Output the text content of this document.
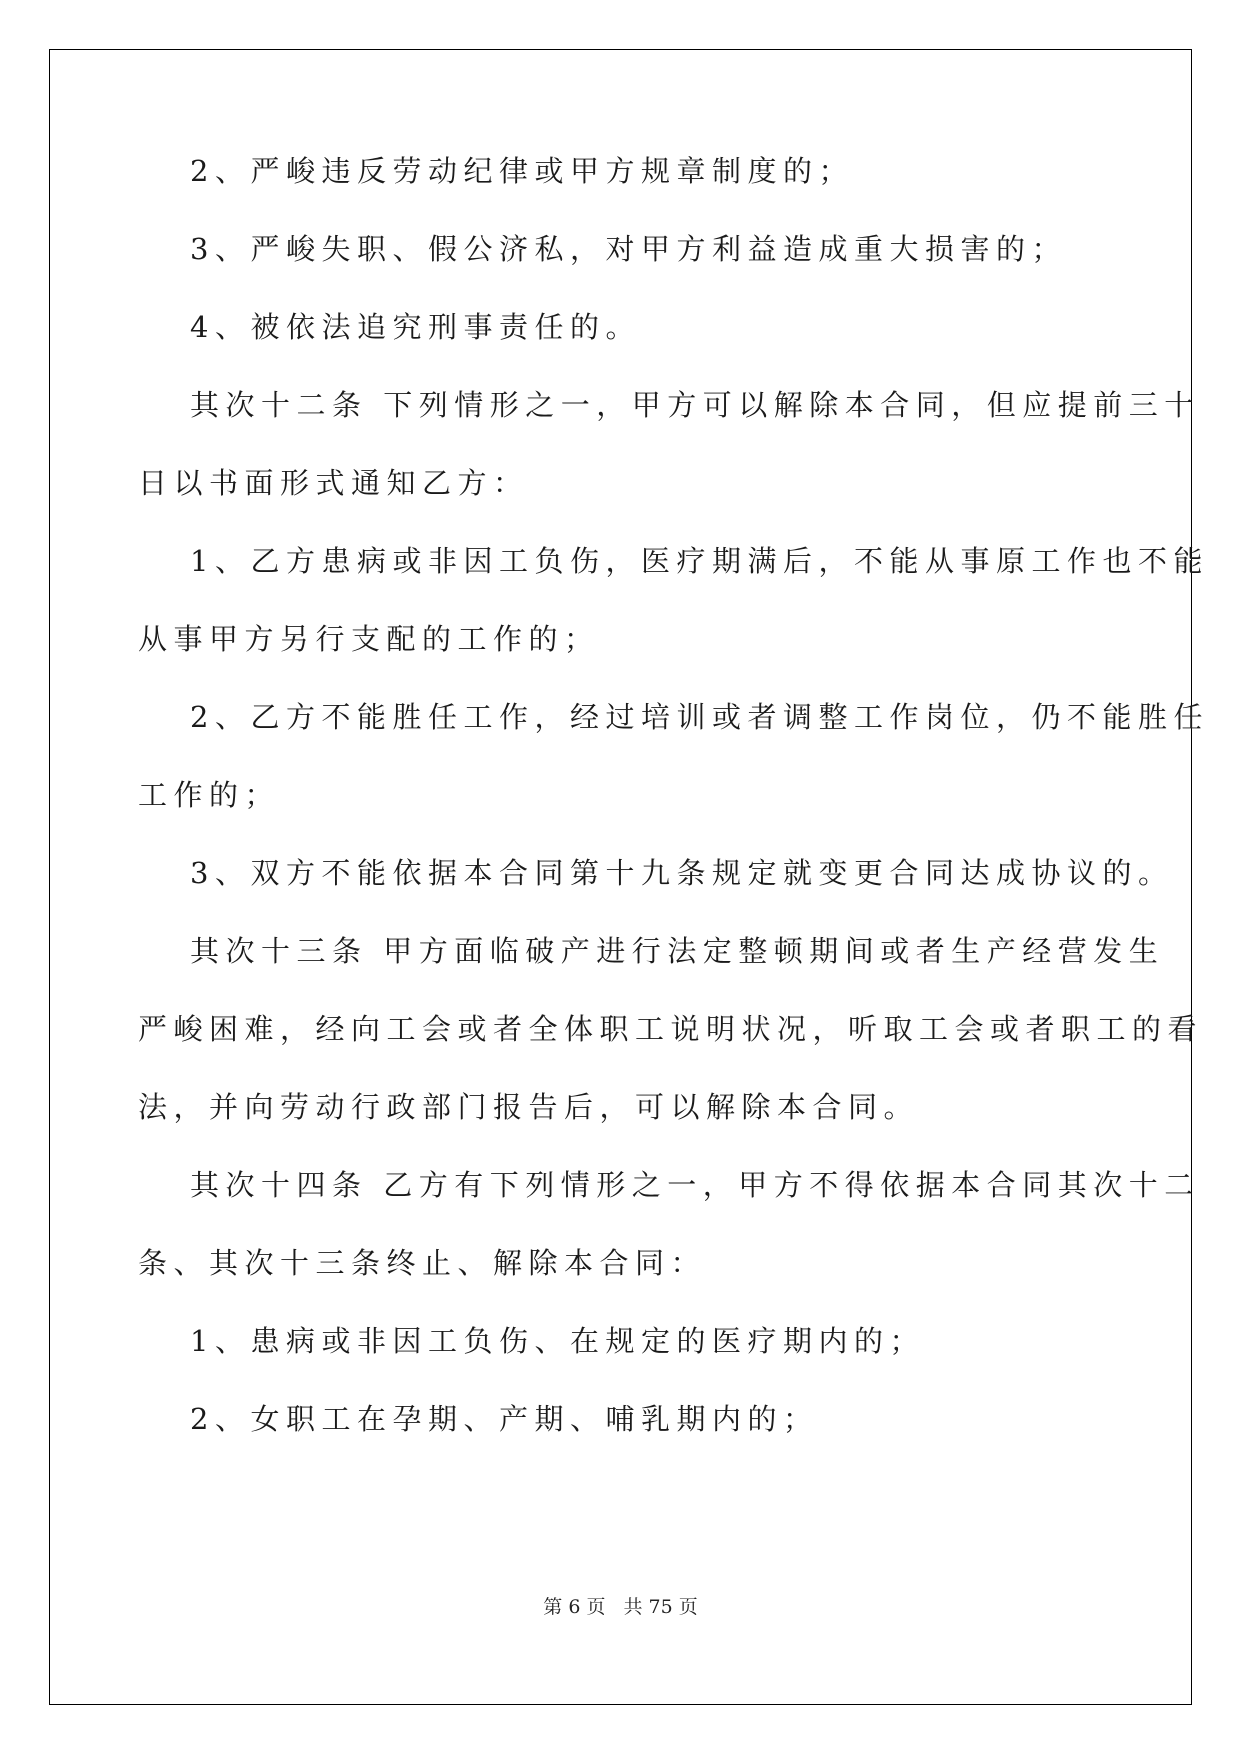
2、严峻违反劳动纪律或甲方规章制度的；
3、严峻失职、假公济私，对甲方利益造成重大损害的；
4、被依法追究刑事责任的。
其次十二条 下列情形之一，甲方可以解除本合同，但应提前三十
日以书面形式通知乙方：
1、乙方患病或非因工负伤，医疗期满后，不能从事原工作也不能
从事甲方另行支配的工作的；
2、乙方不能胜任工作，经过培训或者调整工作岗位，仍不能胜任
工作的；
3、双方不能依据本合同第十九条规定就变更合同达成协议的。
其次十三条 甲方面临破产进行法定整顿期间或者生产经营发生
严峻困难，经向工会或者全体职工说明状况，听取工会或者职工的看
法，并向劳动行政部门报告后，可以解除本合同。
其次十四条 乙方有下列情形之一，甲方不得依据本合同其次十二
条、其次十三条终止、解除本合同：
1、患病或非因工负伤、在规定的医疗期内的；
2、女职工在孕期、产期、哺乳期内的；
第 6 页 共 75 页
